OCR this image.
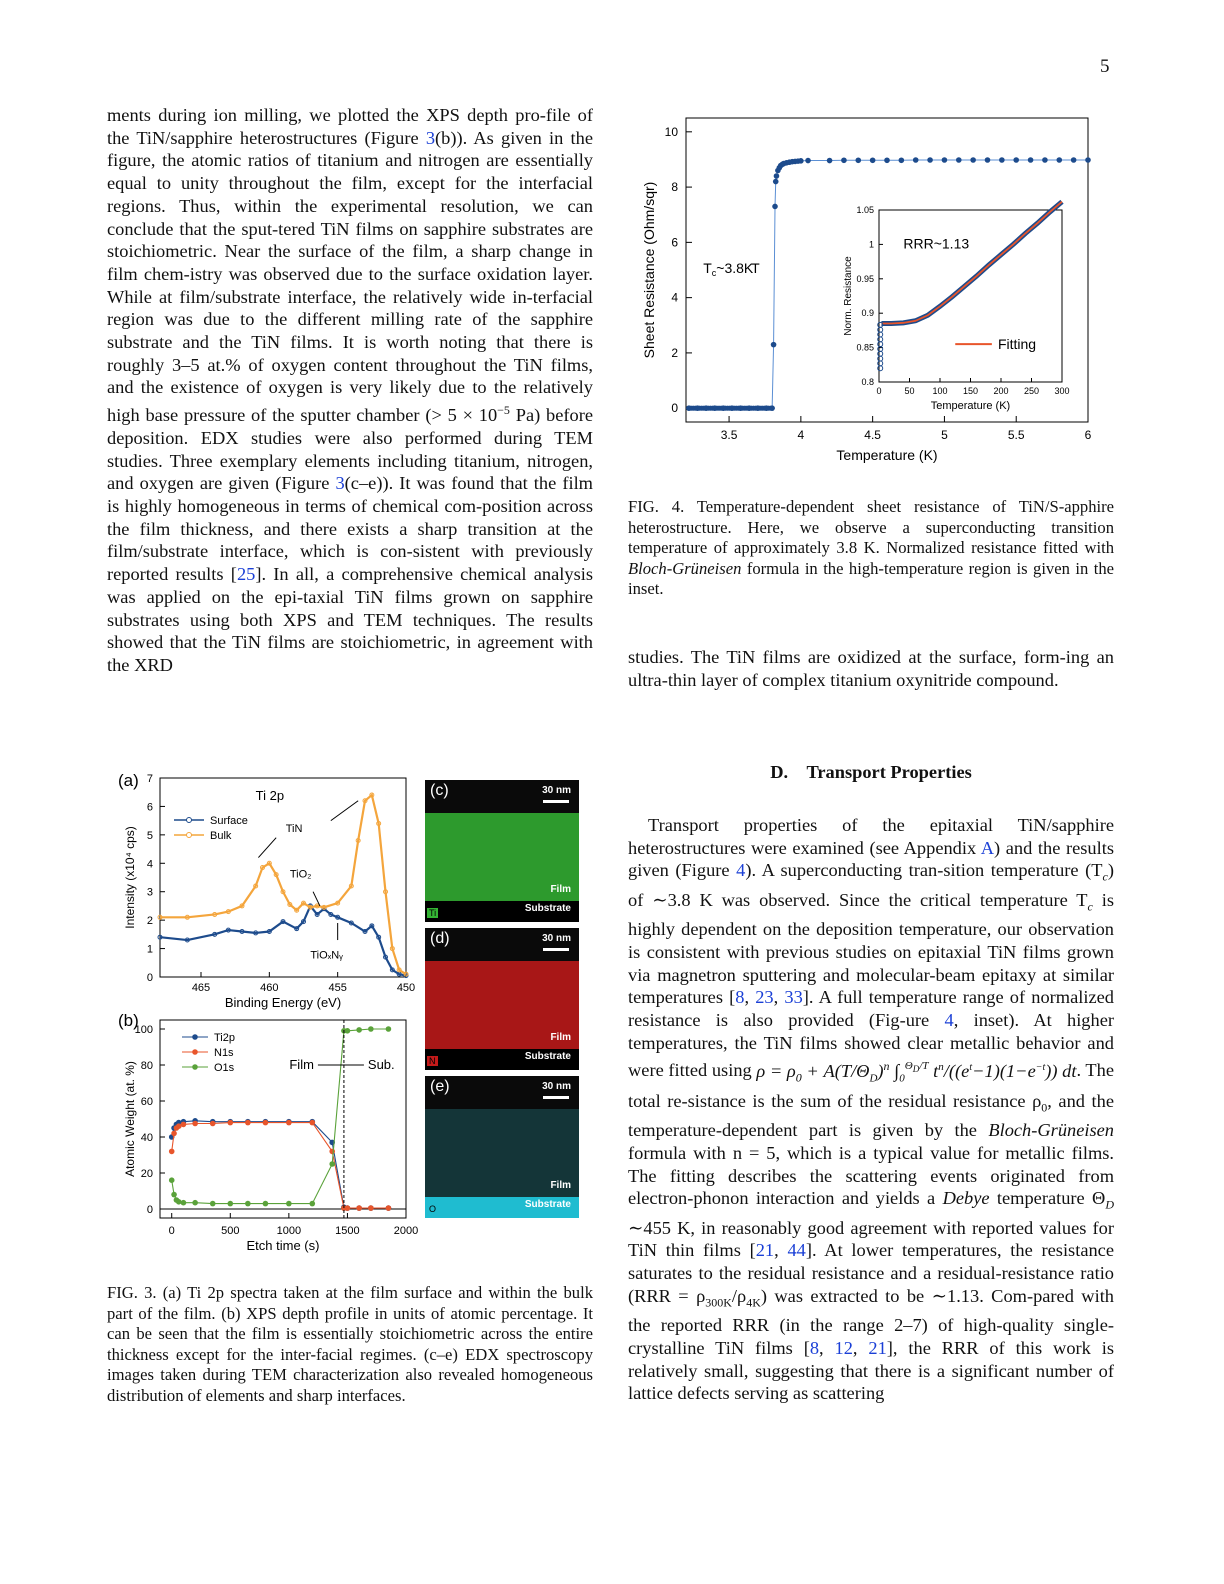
5

ments during ion milling, we plotted the XPS depth pro-file of the TiN/sapphire heterostructures (Figure 3(b)). As given in the figure, the atomic ratios of titanium and nitrogen are essentially equal to unity throughout the film, except for the interfacial regions. Thus, within the experimental resolution, we can conclude that the sput-tered TiN films on sapphire substrates are stoichiometric. Near the surface of the film, a sharp change in film chem-istry was observed due to the surface oxidation layer. While at film/substrate interface, the relatively wide in-terfacial region was due to the different milling rate of the sapphire substrate and the TiN films. It is worth noting that there is roughly 3–5 at.% of oxygen content throughout the TiN films, and the existence of oxygen is very likely due to the relatively high base pressure of the sputter chamber (> $5 \times 10^{-5}$ Pa) before deposition. EDX studies were also performed during TEM studies. Three exemplary elements including titanium, nitrogen, and oxygen are given (Figure 3(c–e)). It was found that the film is highly homogeneous in terms of chemical com-position across the film thickness, and there exists a sharp transition at the film/substrate interface, which is con-sistent with previously reported results [25]. In all, a comprehensive chemical analysis was applied on the epi-taxial TiN films grown on sapphire substrates using both XPS and TEM techniques. The results showed that the TiN films are stoichiometric, in agreement with the XRD

3.5	4	4.5	5	5.5	6
0
2
4
6
8
10
Temperature (K)
Sheet Resistance (Ohm/sqr)	T
$T_c\sim 3.8K$
0	50 100 150 200 250 300
0.8
0.85
0.9
0.95
1
1.05
Temperature (K)
Norm. Resistance
RRR~1.13
Fitting
FIG. 4. Temperature-dependent sheet resistance of TiN/S-apphire heterostructure. Here, we observe a superconducting transition temperature of approximately 3.8 K. Normalized resistance fitted with Bloch-Grüneisen formula in the high-temperature region is given in the inset.

studies. The TiN films are oxidized at the surface, form-ing an ultra-thin layer of complex titanium oxynitride compound.

D. Transport Properties

Transport properties of the epitaxial TiN/sapphire heterostructures were examined (see Appendix A) and the results given (Figure 4). A superconducting tran-sition temperature $(T_c)$ of ∼3.8 K was observed. Since the critical temperature $T_c$ is highly dependent on the deposition temperature, our observation is consistent with previous studies on epitaxial TiN films grown via magnetron sputtering and molecular-beam epitaxy at similar temperatures [8, 23, 33]. A full temperature range of normalized resistance is also provided (Fig-ure 4, inset). At higher temperatures, the TiN films showed clear metallic behavior and were fitted using $\rho = \rho_0 + A(T/\Theta_D)^n$ $\int_0^{\Theta_D/T}$ $t^n/((e^t-1)(1-e^{-t}))$ dt. The total re-sistance is the sum of the residual resistance $\rho_0$, and the temperature-dependent part is given by the Bloch-Grüneisen formula with n = 5, which is a typical value for metallic films. The fitting describes the scattering events originated from electron-phonon interaction and yields a Debye temperature $\Theta_D$ ∼455 K, in reasonably good agreement with reported values for TiN thin films [21, 44]. At lower temperatures, the resistance saturates to the residual resistance and a residual-resistance ratio $(RRR = \rho_{300K}/\rho_{4K})$ was extracted to be ∼1.13. Com-pared with the reported RRR (in the range 2–7) of high-quality single-crystalline TiN films [8, 12, 21], the RRR of this work is relatively small, suggesting that there is a significant number of lattice defects serving as scattering

(a)
465	460	455	450
0
1
2
3
4
5
6
7
Binding Energy (eV)
Intensity (x10⁴ cps)
Ti 2p
Surface
Bulk
TiN
TiO₂
TiOₓNᵧ
(b)
0	500	1000	1500	2000
0
20
40
60
80
100
Etch time (s)
Atomic Weight (at. %)	Film	Sub.
Ti2p
N1s
O1s
(c)	30 nm
Film
Substrate
Ti
(d)	30 nm
Film
Substrate
N
(e)	30 nm
Film
Substrate
O
FIG. 3. (a) Ti 2p spectra taken at the film surface and within the bulk part of the film. (b) XPS depth profile in units of atomic percentage. It can be seen that the film is essentially stoichiometric across the entire thickness except for the inter-facial regimes. (c–e) EDX spectroscopy images taken during TEM characterization also revealed homogeneous distribution of elements and sharp interfaces.
